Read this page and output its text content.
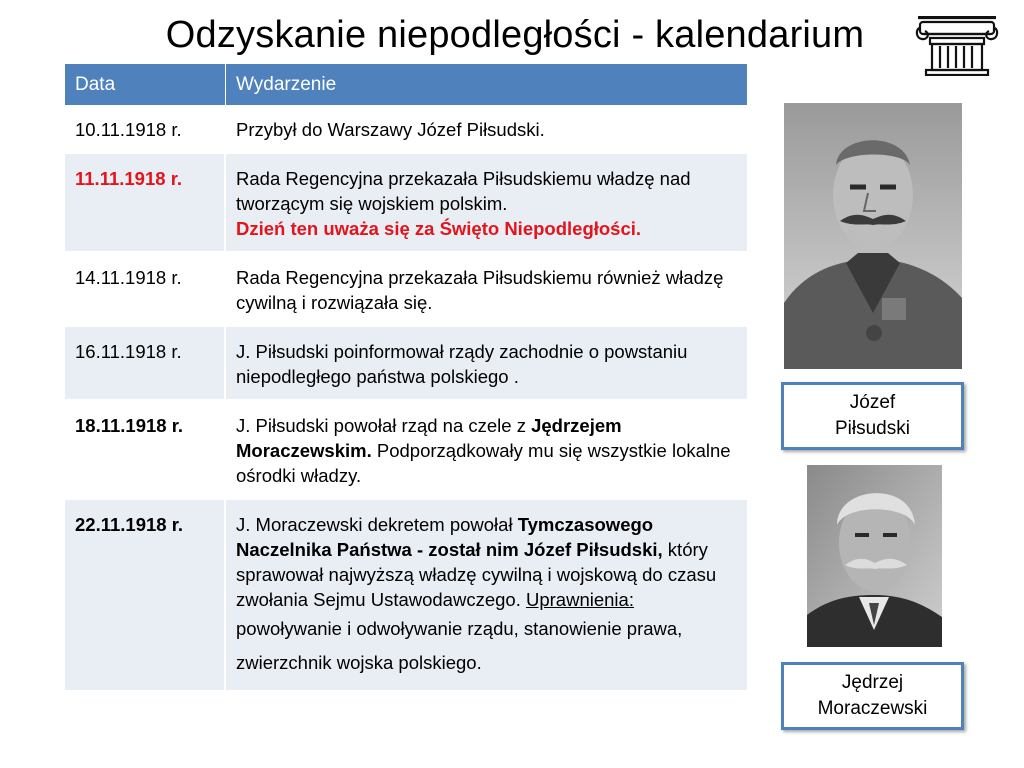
Odzyskanie niepodległości - kalendarium
Data	Wydarzenie
10.11.1918 r.	Przybył do Warszawy Józef Piłsudski.
11.11.1918 r.	Rada Regencyjna przekazała Piłsudskiemu władzę nad tworzącym się wojskiem polskim.
Dzień ten uważa się za Święto Niepodległości.
14.11.1918 r.	Rada Regencyjna przekazała Piłsudskiemu również władzę cywilną i rozwiązała się.
16.11.1918 r.	J. Piłsudski poinformował rządy zachodnie o powstaniu niepodległego państwa polskiego .
18.11.1918 r.	J. Piłsudski powołał rząd na czele z Jędrzejem Moraczewskim. Podporządkowały mu się wszystkie lokalne ośrodki władzy.
22.11.1918 r.	J. Moraczewski dekretem powołał Tymczasowego Naczelnika Państwa - został nim Józef Piłsudski, który sprawował najwyższą władzę cywilną i wojskową do czasu zwołania Sejmu Ustawodawczego. Uprawnienia: powoływanie i odwoływanie rządu, stanowienie prawa, zwierzchnik wojska polskiego.
Józef
Piłsudski
Jędrzej
Moraczewski
